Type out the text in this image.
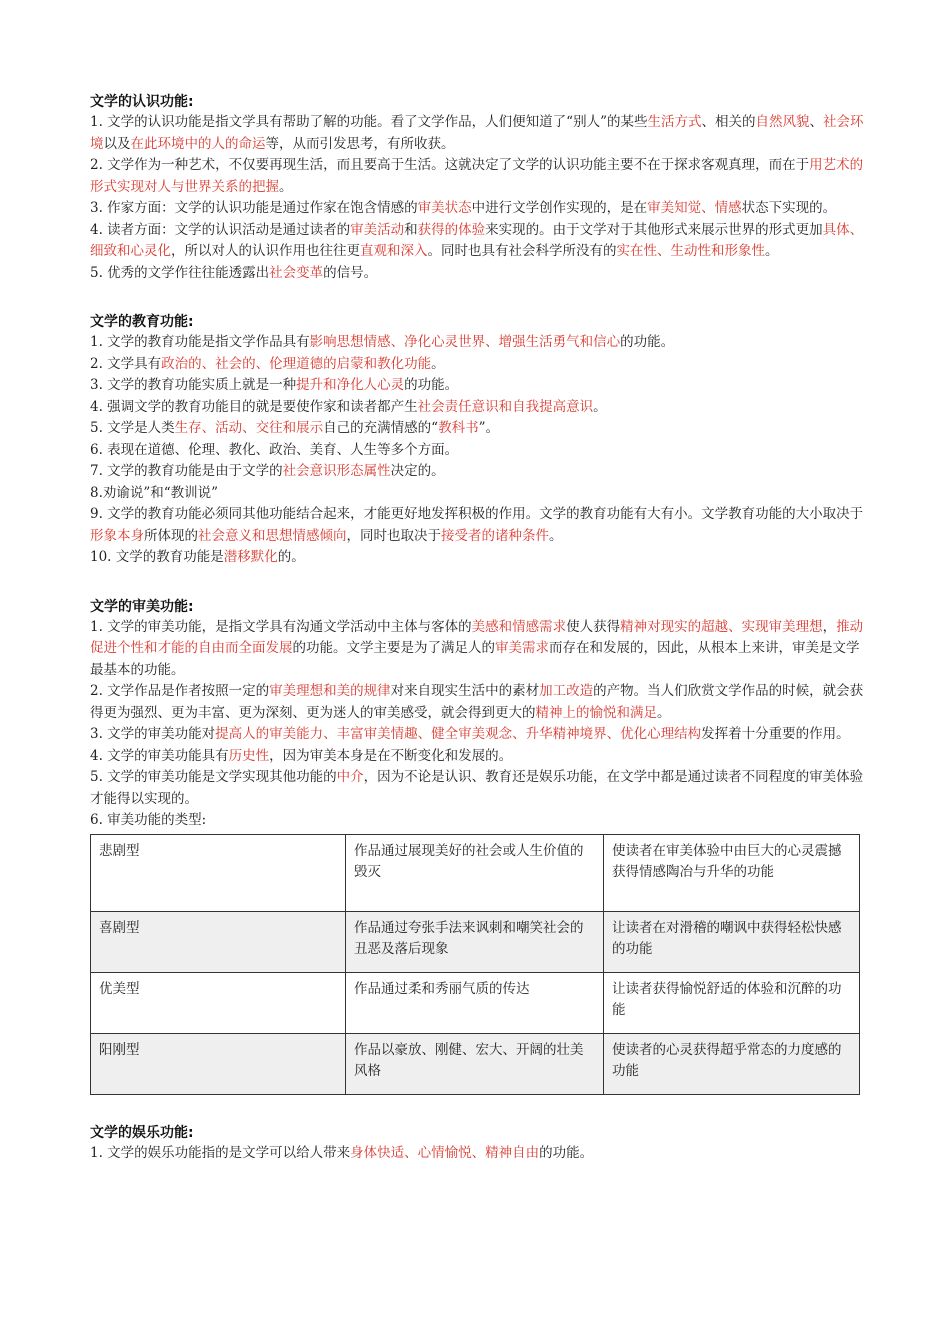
文学的认识功能:

1. 文学的认识功能是指文学具有帮助了解的功能。看了文学作品，人们便知道了“别人”的某些生活方式、相关的自然风貌、社会环境以及在此环境中的人的命运等，从而引发思考，有所收获。

2. 文学作为一种艺术，不仅要再现生活，而且要高于生活。这就决定了文学的认识功能主要不在于探求客观真理，而在于用艺术的形式实现对人与世界关系的把握。

3. 作家方面：文学的认识功能是通过作家在饱含情感的审美状态中进行文学创作实现的，是在审美知觉、情感状态下实现的。

4. 读者方面：文学的认识活动是通过读者的审美活动和获得的体验来实现的。由于文学对于其他形式来展示世界的形式更加具体、细致和心灵化，所以对人的认识作用也往往更直观和深入。同时也具有社会科学所没有的实在性、生动性和形象性。

5. 优秀的文学作往往能透露出社会变革的信号。

文学的教育功能:

1. 文学的教育功能是指文学作品具有影响思想情感、净化心灵世界、增强生活勇气和信心的功能。

2. 文学具有政治的、社会的、伦理道德的启蒙和教化功能。

3. 文学的教育功能实质上就是一种提升和净化人心灵的功能。

4. 强调文学的教育功能目的就是要使作家和读者都产生社会责任意识和自我提高意识。

5. 文学是人类生存、活动、交往和展示自己的充满情感的“教科书”。

6. 表现在道德、伦理、教化、政治、美育、人生等多个方面。

7. 文学的教育功能是由于文学的社会意识形态属性决定的。

8.劝谕说”和“教训说”

9. 文学的教育功能必须同其他功能结合起来，才能更好地发挥积极的作用。文学的教育功能有大有小。文学教育功能的大小取决于形象本身所体现的社会意义和思想情感倾向，同时也取决于接受者的诸种条件。

10. 文学的教育功能是潜移默化的。

文学的审美功能:

1. 文学的审美功能，是指文学具有沟通文学活动中主体与客体的美感和情感需求使人获得精神对现实的超越、实现审美理想，推动促进个性和才能的自由而全面发展的功能。文学主要是为了满足人的审美需求而存在和发展的，因此，从根本上来讲，审美是文学最基本的功能。

2. 文学作品是作者按照一定的审美理想和美的规律对来自现实生活中的素材加工改造的产物。当人们欣赏文学作品的时候，就会获得更为强烈、更为丰富、更为深刻、更为迷人的审美感受，就会得到更大的精神上的愉悦和满足。

3. 文学的审美功能对提高人的审美能力、丰富审美情趣、健全审美观念、升华精神境界、优化心理结构发挥着十分重要的作用。

4. 文学的审美功能具有历史性，因为审美本身是在不断变化和发展的。

5. 文学的审美功能是文学实现其他功能的中介，因为不论是认识、教育还是娱乐功能，在文学中都是通过读者不同程度的审美体验才能得以实现的。

6. 审美功能的类型:

悲剧型	作品通过展现美好的社会或人生价值的毁灭	使读者在审美体验中由巨大的心灵震撼获得情感陶冶与升华的功能
喜剧型	作品通过夸张手法来讽刺和嘲笑社会的丑恶及落后现象	让读者在对滑稽的嘲讽中获得轻松快感的功能
优美型	作品通过柔和秀丽气质的传达	让读者获得愉悦舒适的体验和沉醉的功能
阳刚型	作品以豪放、刚健、宏大、开阔的壮美风格	使读者的心灵获得超乎常态的力度感的功能

文学的娱乐功能:

1. 文学的娱乐功能指的是文学可以给人带来身体快适、心情愉悦、精神自由的功能。
